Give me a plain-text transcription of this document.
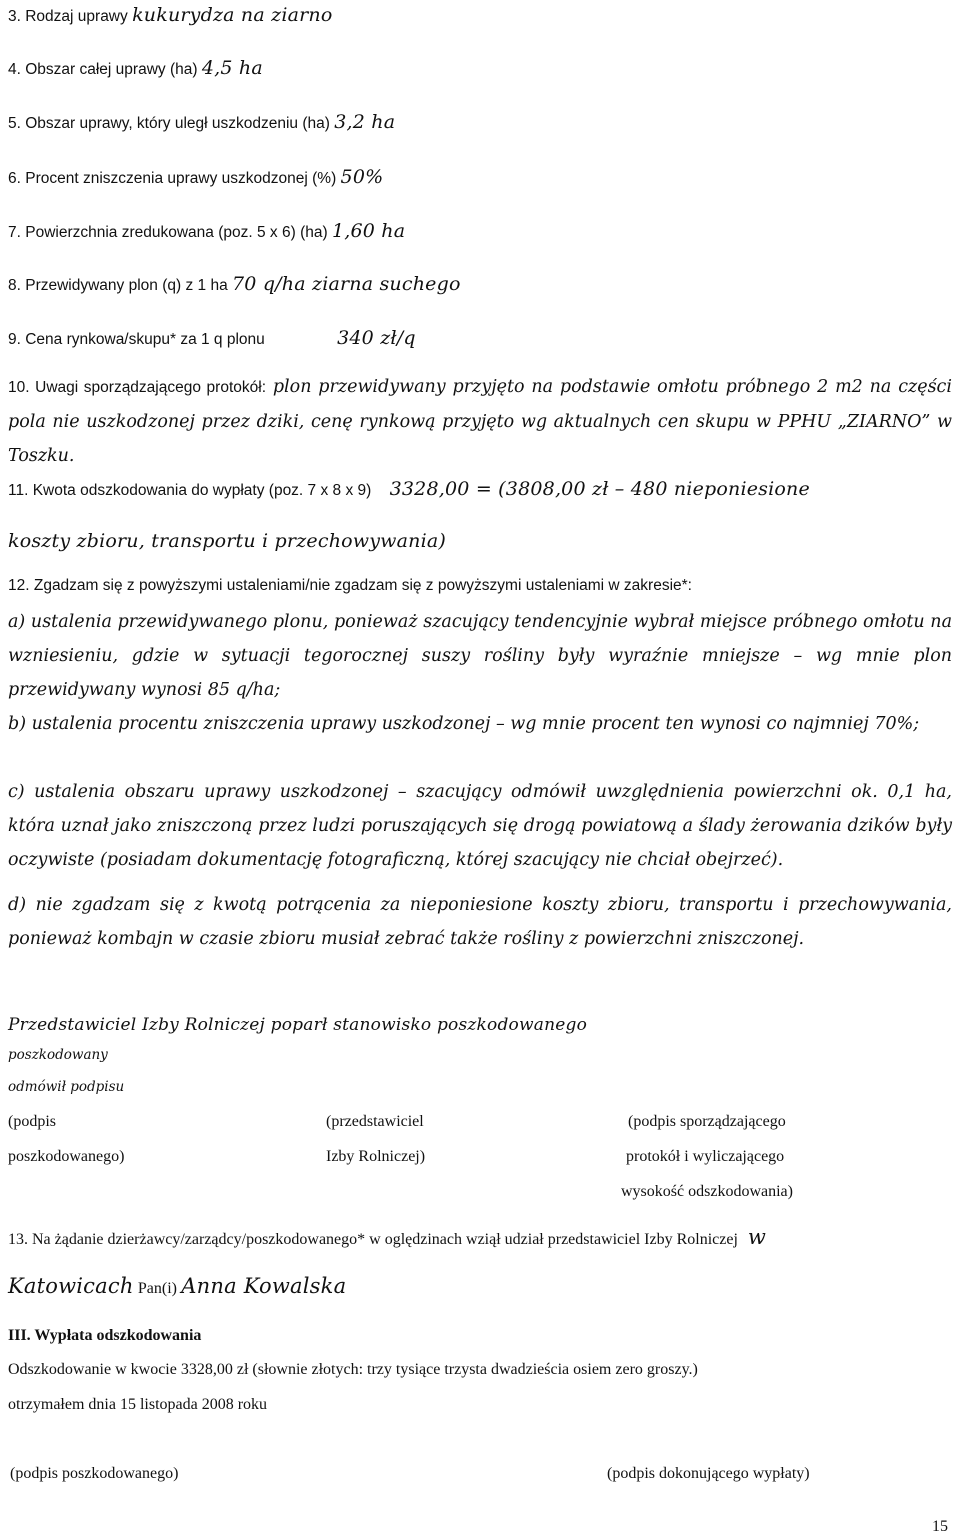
3. Rodzaj uprawy kukurydza na ziarno
4. Obszar całej uprawy (ha) 4,5 ha
5. Obszar uprawy, który uległ uszkodzeniu (ha) 3,2 ha
6. Procent zniszczenia uprawy uszkodzonej (%) 50%
7. Powierzchnia zredukowana (poz. 5 x 6) (ha) 1,60 ha
8. Przewidywany plon (q) z 1 ha 70 q/ha ziarna suchego
9. Cena rynkowa/skupu* za 1 q plonu	340 zł/q
10. Uwagi sporządzającego protokół: plon przewidywany przyjęto na podstawie omłotu próbnego 2 m2 na części pola nie uszkodzonej przez dziki, cenę rynkową przyjęto wg aktualnych cen skupu w PPHU „ZIARNO” w Toszku.
11. Kwota odszkodowania do wypłaty (poz. 7 x 8 x 9) 3328,00 = (3808,00 zł – 480 nieponiesione
koszty zbioru, transportu i przechowywania)
12. Zgadzam się z powyższymi ustaleniami/nie zgadzam się z powyższymi ustaleniami w zakresie*:
a) ustalenia przewidywanego plonu, ponieważ szacujący tendencyjnie wybrał miejsce próbnego omłotu na wzniesieniu, gdzie w sytuacji tegorocznej suszy rośliny były wyraźnie mniejsze – wg mnie plon przewidywany wynosi 85 q/ha;
b) ustalenia procentu zniszczenia uprawy uszkodzonej – wg mnie procent ten wynosi co najmniej 70%;
c) ustalenia obszaru uprawy uszkodzonej – szacujący odmówił uwzględnienia powierzchni ok. 0,1 ha, która uznał jako zniszczoną przez ludzi poruszających się drogą powiatową a ślady żerowania dzików były oczywiste (posiadam dokumentację fotograficzną, której szacujący nie chciał obejrzeć).
d) nie zgadzam się z kwotą potrącenia za nieponiesione koszty zbioru, transportu i przechowywania, ponieważ kombajn w czasie zbioru musiał zebrać także rośliny z powierzchni zniszczonej.
Przedstawiciel Izby Rolniczej poparł stanowisko poszkodowanego
poszkodowany
odmówił podpisu
(podpis
poszkodowanego)
(przedstawiciel
Izby Rolniczej)
(podpis sporządzającego
protokół i wyliczającego
wysokość odszkodowania)
13. Na żądanie dzierżawcy/zarządcy/poszkodowanego* w oględzinach wziął udział przedstawiciel Izby Rolniczej w
Katowicach Pan(i) Anna Kowalska
III. Wypłata odszkodowania
Odszkodowanie w kwocie 3328,00 zł (słownie złotych: trzy tysiące trzysta dwadzieścia osiem zero groszy.)
otrzymałem dnia 15 listopada 2008 roku
(podpis poszkodowanego)	(podpis dokonującego wypłaty)
15
